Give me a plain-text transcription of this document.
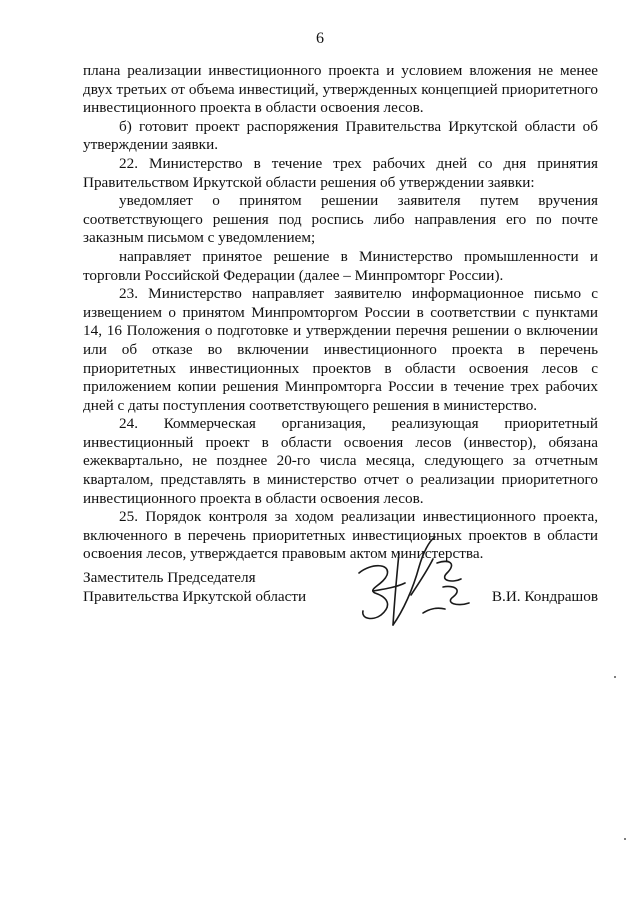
6

плана реализации инвестиционного проекта и условием вложения не менее двух третьих от объема инвестиций, утвержденных концепцией приоритетного инвестиционного проекта в области освоения лесов.

б) готовит проект распоряжения Правительства Иркутской области об утверждении заявки.

22. Министерство в течение трех рабочих дней со дня принятия Правительством Иркутской области решения об утверждении заявки:

уведомляет о принятом решении заявителя путем вручения соответствующего решения под роспись либо направления его по почте заказным письмом с уведомлением;

направляет принятое решение в Министерство промышленности и торговли Российской Федерации (далее – Минпромторг России).

23. Министерство направляет заявителю информационное письмо с извещением о принятом Минпромторгом России в соответствии с пунктами 14, 16 Положения о подготовке и утверждении перечня решении о включении или об отказе во включении инвестиционного проекта в перечень приоритетных инвестиционных проектов в области освоения лесов с приложением копии решения Минпромторга России в течение трех рабочих дней с даты поступления соответствующего решения в министерство.

24. Коммерческая организация, реализующая приоритетный инвестиционный проект в области освоения лесов (инвестор), обязана ежеквартально, не позднее 20-го числа месяца, следующего за отчетным кварталом, представлять в министерство отчет о реализации приоритетного инвестиционного проекта в области освоения лесов.

25. Порядок контроля за ходом реализации инвестиционного проекта, включенного в перечень приоритетных инвестиционных проектов в области освоения лесов, утверждается правовым актом министерства.

Заместитель Председателя
Правительства Иркутской области	В.И. Кондрашов
